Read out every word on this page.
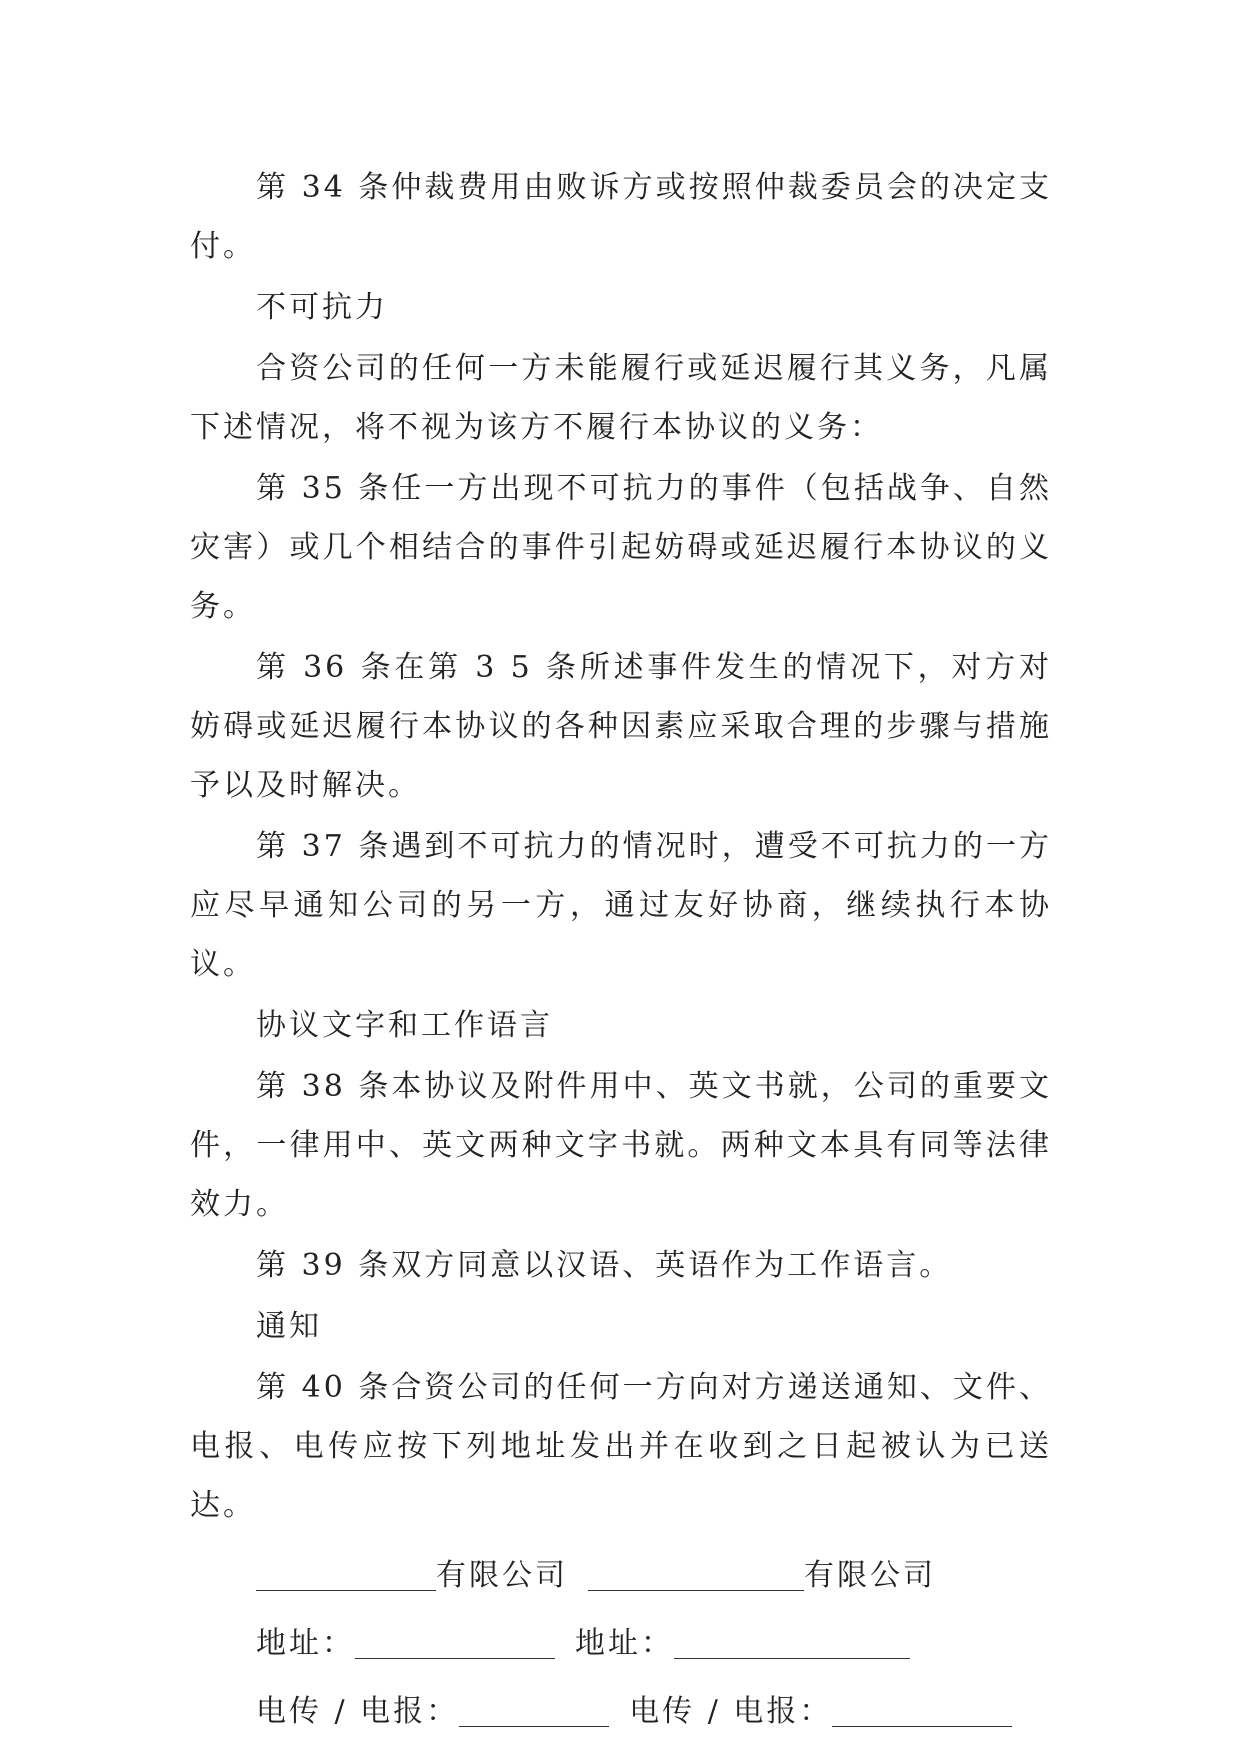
第 34 条仲裁费用由败诉方或按照仲裁委员会的决定支付。

不可抗力

合资公司的任何一方未能履行或延迟履行其义务，凡属下述情况，将不视为该方不履行本协议的义务：

第 35 条任一方出现不可抗力的事件（包括战争、自然灾害）或几个相结合的事件引起妨碍或延迟履行本协议的义务。

第 36 条在第 3 5 条所述事件发生的情况下，对方对妨碍或延迟履行本协议的各种因素应采取合理的步骤与措施予以及时解决。

第 37 条遇到不可抗力的情况时，遭受不可抗力的一方应尽早通知公司的另一方，通过友好协商，继续执行本协议。

协议文字和工作语言

第 38 条本协议及附件用中、英文书就，公司的重要文件，一律用中、英文两种文字书就。两种文本具有同等法律效力。

第 39 条双方同意以汉语、英语作为工作语言。

通知

第 40 条合资公司的任何一方向对方递送通知、文件、电报、电传应按下列地址发出并在收到之日起被认为已送达。

有限公司	有限公司
地址：	地址：
电传 / 电报：	电传 / 电报：
